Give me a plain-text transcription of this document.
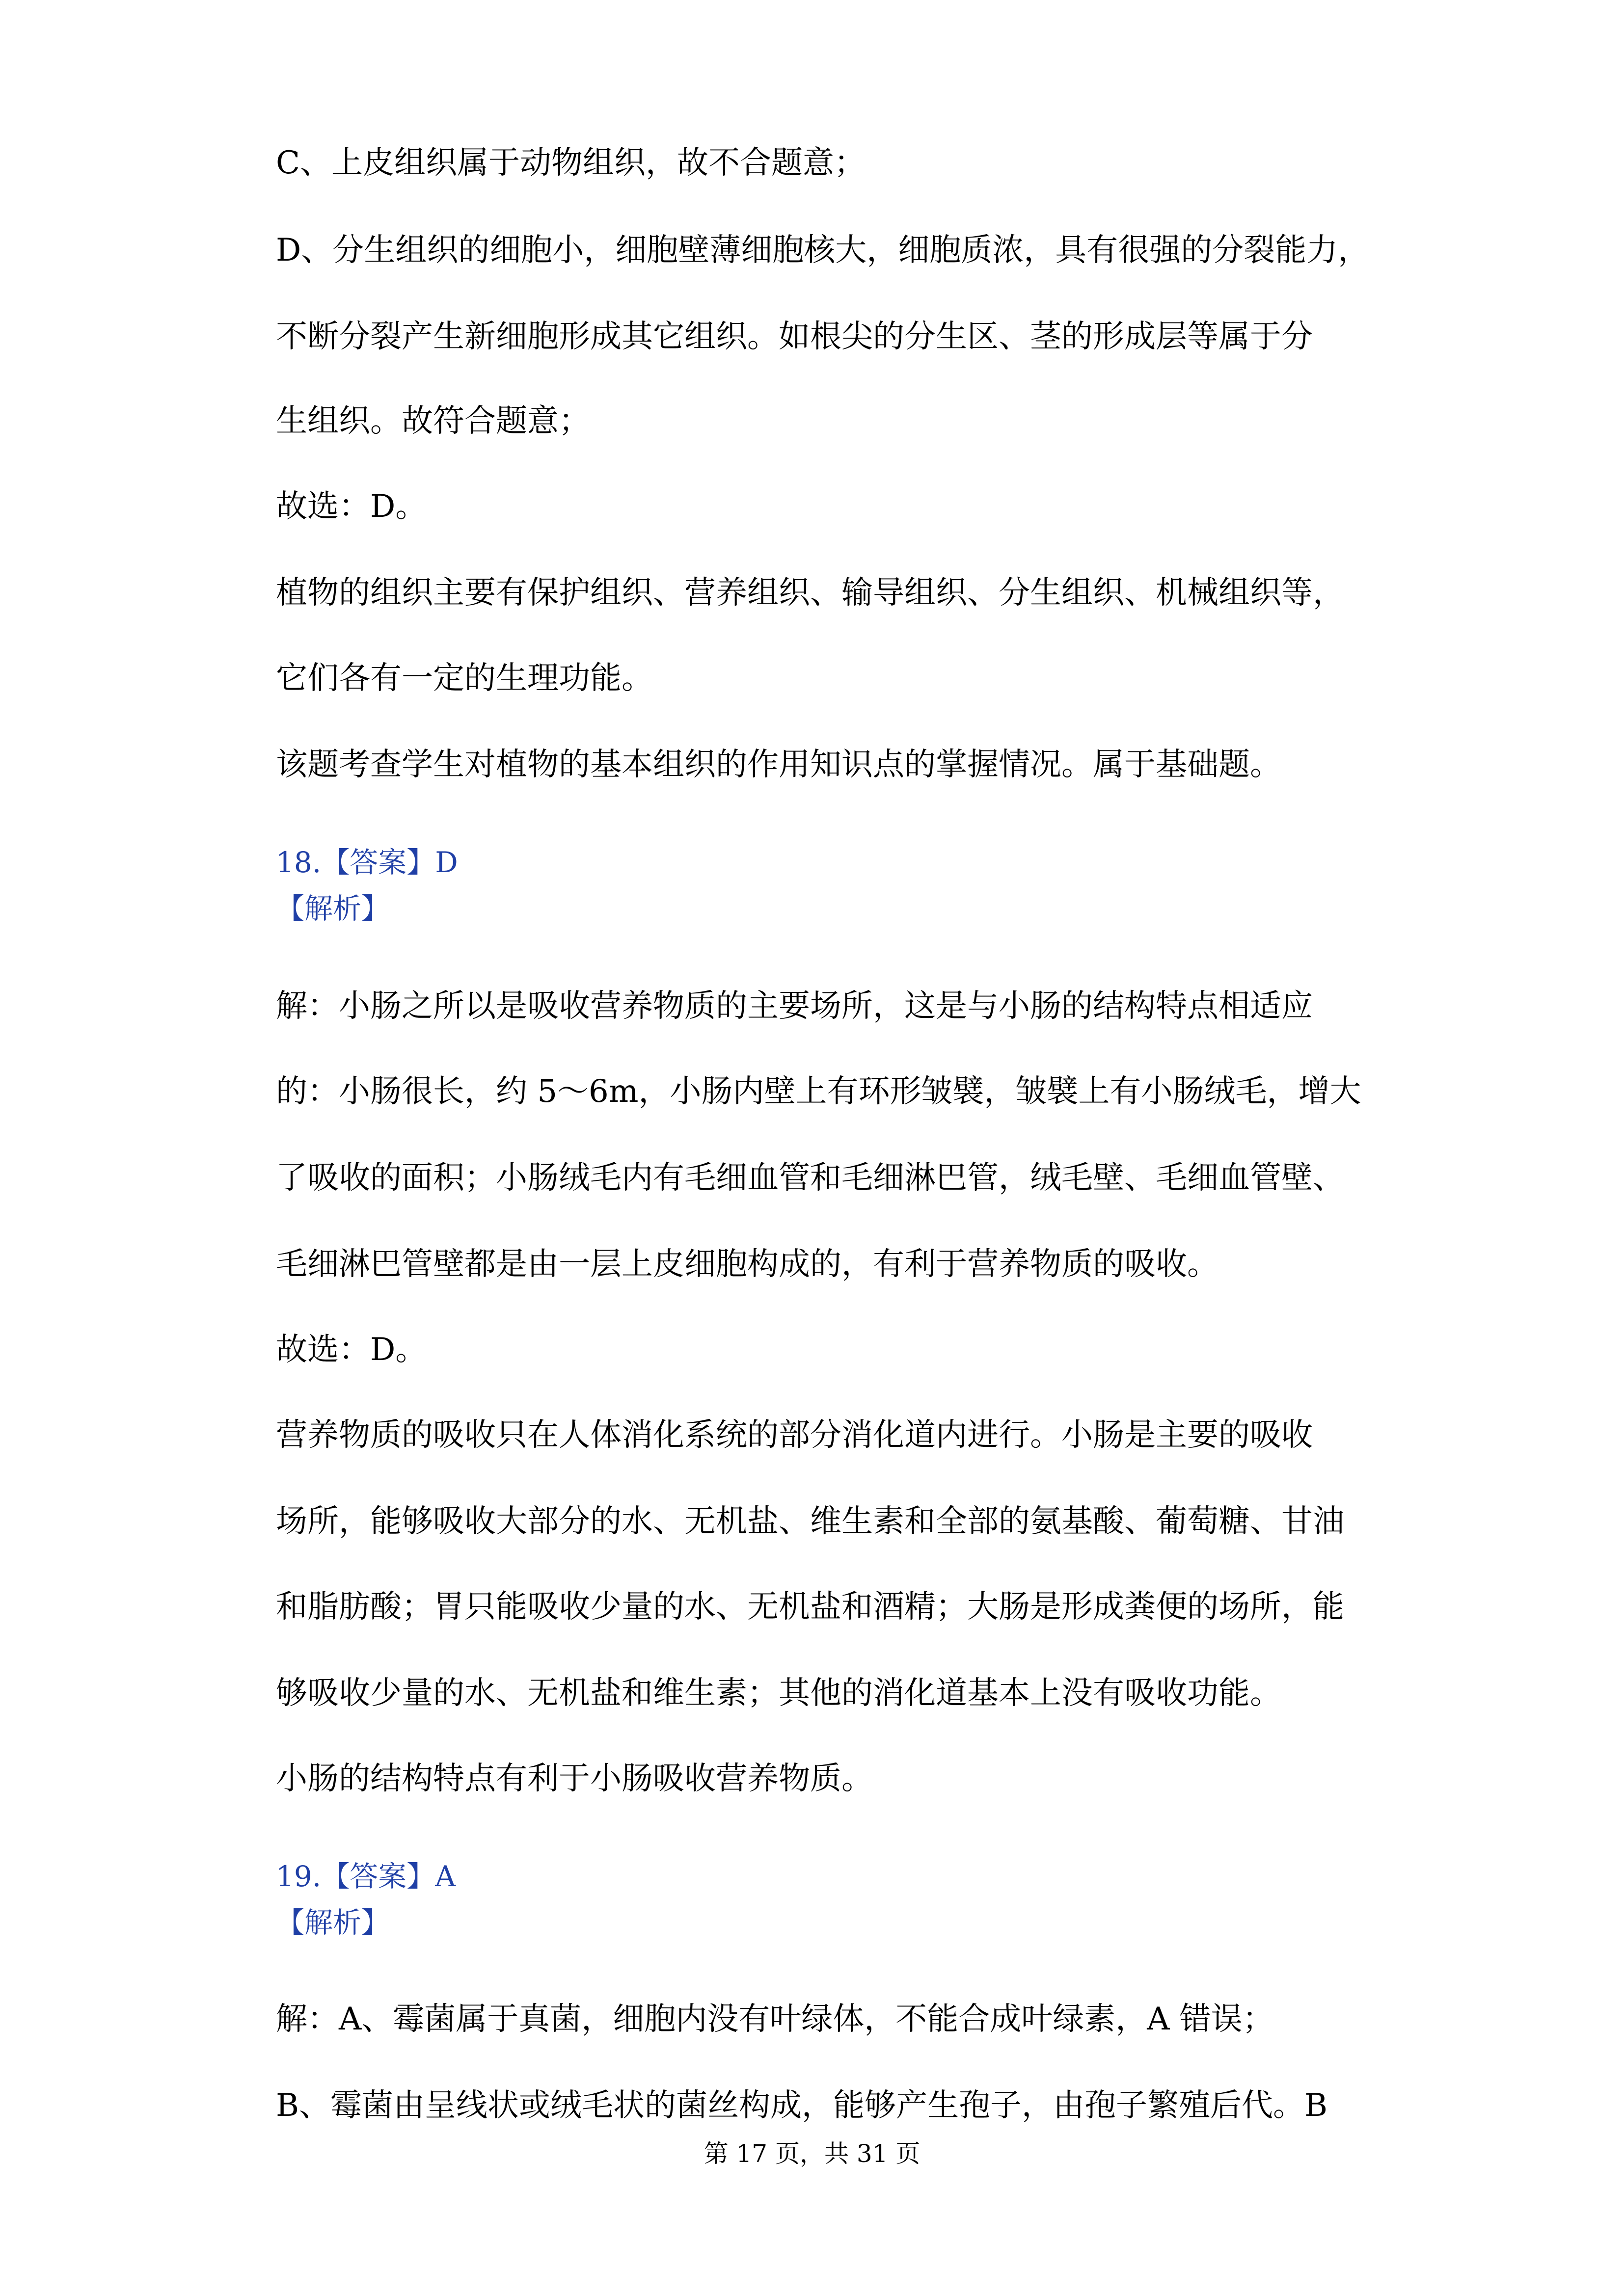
C、上皮组织属于动物组织，故不合题意；

D、分生组织的细胞小，细胞壁薄细胞核大，细胞质浓，具有很强的分裂能力，

不断分裂产生新细胞形成其它组织。如根尖的分生区、茎的形成层等属于分

生组织。故符合题意；

故选：D。

植物的组织主要有保护组织、营养组织、输导组织、分生组织、机械组织等，

它们各有一定的生理功能。

该题考查学生对植物的基本组织的作用知识点的掌握情况。属于基础题。

18.【答案】D

【解析】

解：小肠之所以是吸收营养物质的主要场所，这是与小肠的结构特点相适应

的：小肠很长，约 5～6m，小肠内壁上有环形皱襞，皱襞上有小肠绒毛，增大

了吸收的面积；小肠绒毛内有毛细血管和毛细淋巴管，绒毛壁、毛细血管壁、

毛细淋巴管壁都是由一层上皮细胞构成的，有利于营养物质的吸收。

故选：D。

营养物质的吸收只在人体消化系统的部分消化道内进行。小肠是主要的吸收

场所，能够吸收大部分的水、无机盐、维生素和全部的氨基酸、葡萄糖、甘油

和脂肪酸；胃只能吸收少量的水、无机盐和酒精；大肠是形成粪便的场所，能

够吸收少量的水、无机盐和维生素；其他的消化道基本上没有吸收功能。

小肠的结构特点有利于小肠吸收营养物质。

19.【答案】A

【解析】

解：A、霉菌属于真菌，细胞内没有叶绿体，不能合成叶绿素，A 错误；

B、霉菌由呈线状或绒毛状的菌丝构成，能够产生孢子，由孢子繁殖后代。B

第 17 页，共 31 页
